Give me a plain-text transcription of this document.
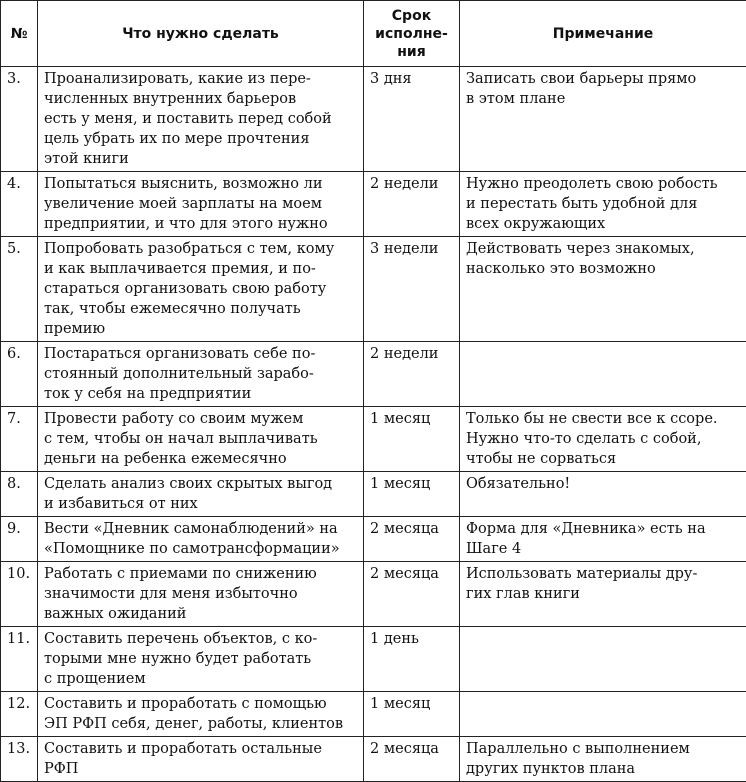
№	Что нужно сделать	Срок
исполне-
ния	Примечание
3.	Проанализировать, какие из пере-
численных внутренних барьеров
есть у меня, и поставить перед собой
цель убрать их по мере прочтения
этой книги	3 дня	Записать свои барьеры прямо
в этом плане
4.	Попытаться выяснить, возможно ли
увеличение моей зарплаты на моем
предприятии, и что для этого нужно	2 недели	Нужно преодолеть свою робость
и перестать быть удобной для
всех окружающих
5.	Попробовать разобраться с тем, кому
и как выплачивается премия, и по-
стараться организовать свою работу
так, чтобы ежемесячно получать
премию	3 недели	Действовать через знакомых,
насколько это возможно
6.	Постараться организовать себе по-
стоянный дополнительный зарабо-
ток у себя на предприятии	2 недели	
7.	Провести работу со своим мужем
с тем, чтобы он начал выплачивать
деньги на ребенка ежемесячно	1 месяц	Только бы не свести все к ссоре.
Нужно что-то сделать с собой,
чтобы не сорваться
8.	Сделать анализ своих скрытых выгод
и избавиться от них	1 месяц	Обязательно!
9.	Вести «Дневник самонаблюдений» на
«Помощнике по самотрансформации»	2 месяца	Форма для «Дневника» есть на
Шаге 4
10.	Работать с приемами по снижению
значимости для меня избыточно
важных ожиданий	2 месяца	Использовать материалы дру-
гих глав книги
11.	Составить перечень объектов, с ко-
торыми мне нужно будет работать
с прощением	1 день	
12.	Составить и проработать с помощью
ЭП РФП себя, денег, работы, клиентов	1 месяц	
13.	Составить и проработать остальные
РФП	2 месяца	Параллельно с выполнением
других пунктов плана
